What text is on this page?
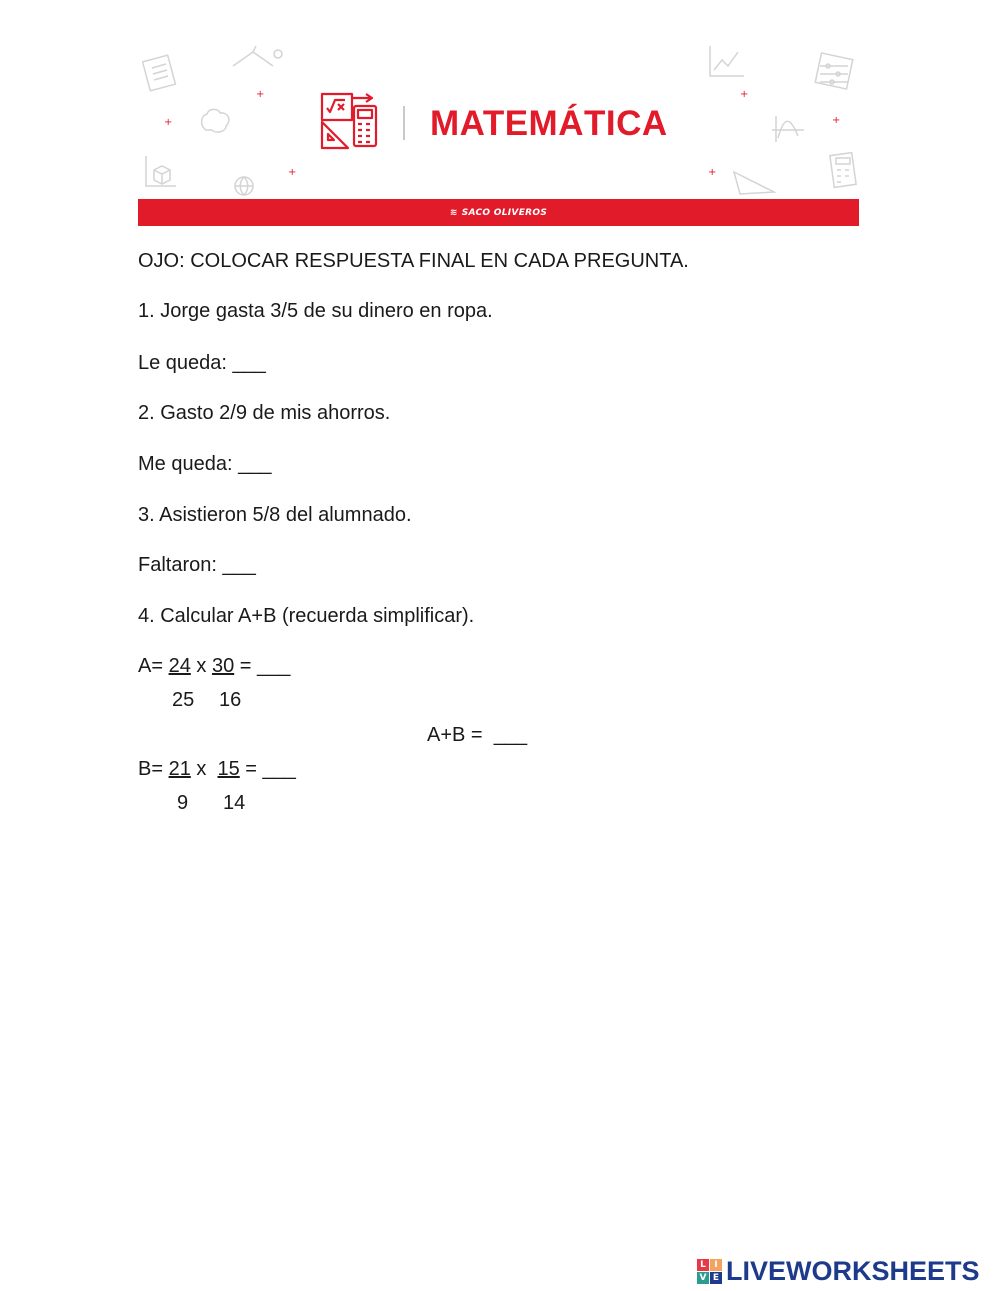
+
+
+
+
+
+
MATEMÁTICA
≋ SACO OLIVEROS
OJO: COLOCAR RESPUESTA FINAL EN CADA PREGUNTA.
1. Jorge gasta 3/5 de su dinero en ropa.
Le queda: ___
2. Gasto 2/9 de mis ahorros.
Me queda: ___
3. Asistieron 5/8 del alumnado.
Faltaron: ___
4. Calcular A+B (recuerda simplificar).
A= 24 x 30 = ___
25 16
A+B =  ___
B= 21 x  15 = ___
9 14
L I
V E LIVEWORKSHEETS
